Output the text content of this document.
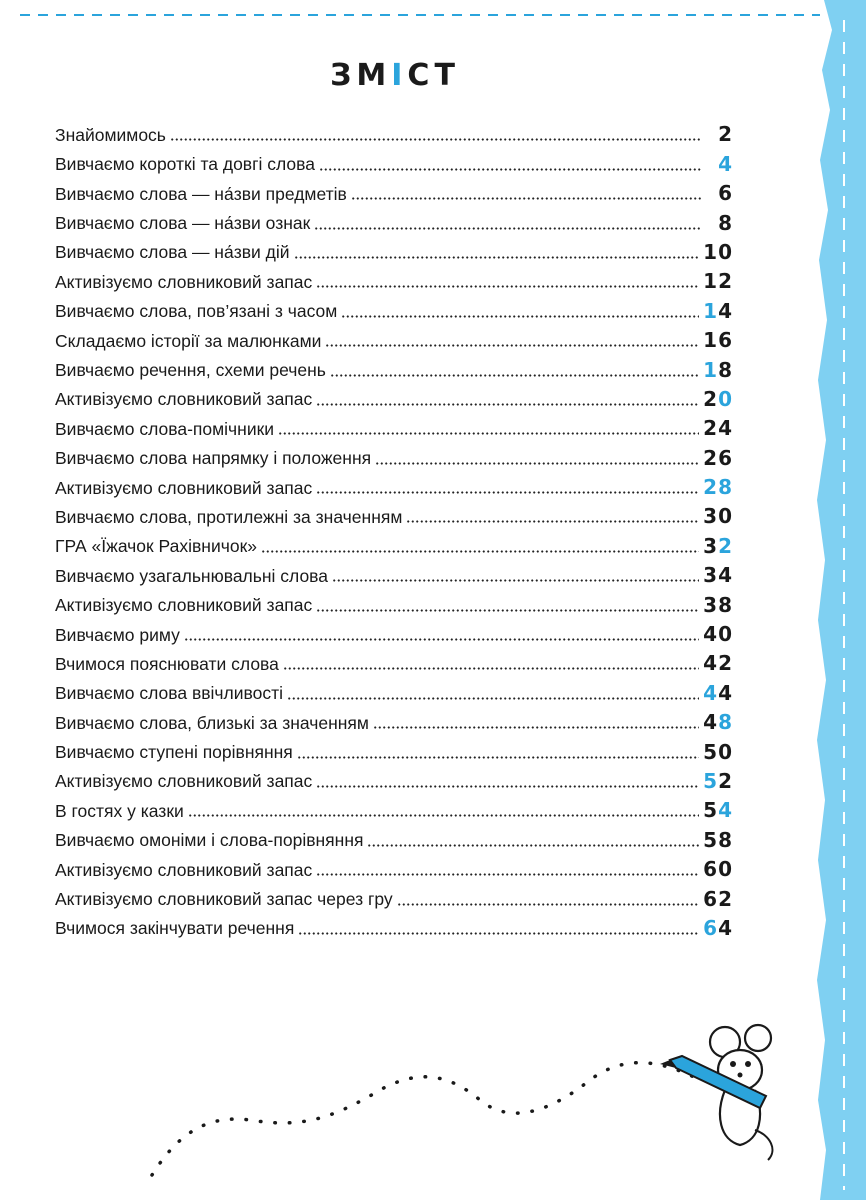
ЗМІСТ
Знайомимось	2
Вивчаємо короткі та довгі слова	4
Вивчаємо слова — на́зви предметів	6
Вивчаємо слова — на́зви ознак	8
Вивчаємо слова — на́зви дій	10
Активізуємо словниковий запас	12
Вивчаємо слова, пов’язані з часом	14
Складаємо історії за малюнками	16
Вивчаємо речення, схеми речень	18
Активізуємо словниковий запас	20
Вивчаємо слова-помічники	24
Вивчаємо слова напрямку і положення	26
Активізуємо словниковий запас	28
Вивчаємо слова, протилежні за значенням	30
ГРА «Їжачок Рахівничок»	32
Вивчаємо узагальнювальні слова	34
Активізуємо словниковий запас	38
Вивчаємо риму	40
Вчимося пояснювати слова	42
Вивчаємо слова ввічливості	44
Вивчаємо слова, близькі за значенням	48
Вивчаємо ступені порівняння	50
Активізуємо словниковий запас	52
В гостях у казки	54
Вивчаємо омоніми і слова-порівняння	58
Активізуємо словниковий запас	60
Активізуємо словниковий запас через гру	62
Вчимося закінчувати речення	64
